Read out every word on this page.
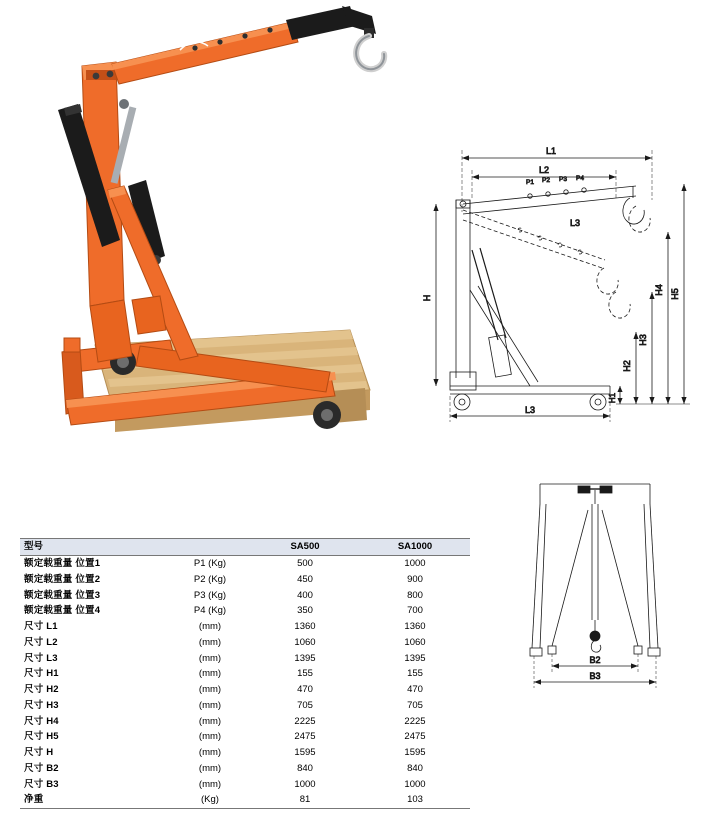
L1
L2
P1 P2 P3 P4
L3
H	H5
H4
H3
H2
H1
L3
B2
B3
型号		SA500	SA1000
额定载重量 位置1	P1 (Kg)	500	1000
额定载重量 位置2	P2 (Kg)	450	900
额定载重量 位置3	P3 (Kg)	400	800
额定载重量 位置4	P4 (Kg)	350	700
尺寸 L1	(mm)	1360	1360
尺寸 L2	(mm)	1060	1060
尺寸 L3	(mm)	1395	1395
尺寸 H1	(mm)	155	155
尺寸 H2	(mm)	470	470
尺寸 H3	(mm)	705	705
尺寸 H4	(mm)	2225	2225
尺寸 H5	(mm)	2475	2475
尺寸 H	(mm)	1595	1595
尺寸 B2	(mm)	840	840
尺寸 B3	(mm)	1000	1000
净重	(Kg)	81	103
